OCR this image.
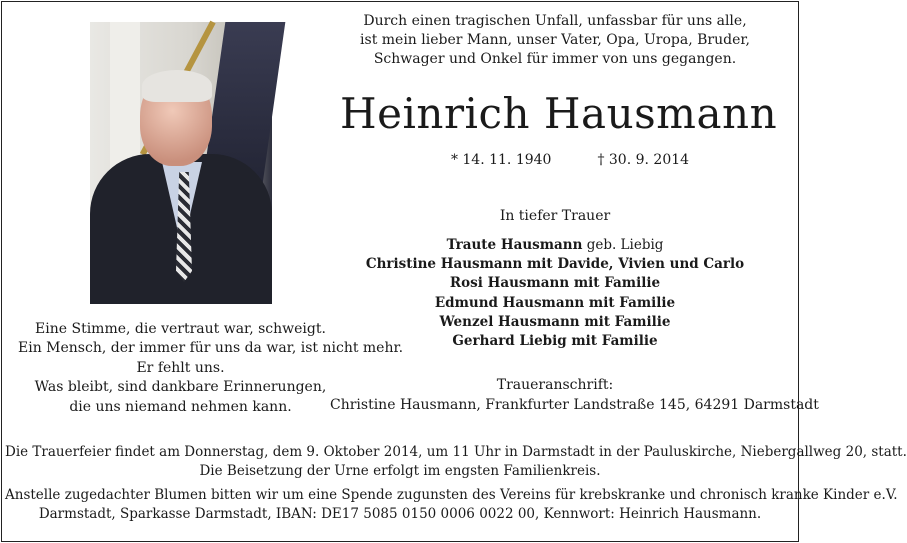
Durch einen tragischen Unfall, unfassbar für uns alle,
ist mein lieber Mann, unser Vater, Opa, Uropa, Bruder,
Schwager und Onkel für immer von uns gegangen.
Heinrich Hausmann
* 14. 11. 1940	† 30. 9. 2014
In tiefer Trauer
Traute Hausmann geb. Liebig
Christine Hausmann mit Davide, Vivien und Carlo
Rosi Hausmann mit Familie
Edmund Hausmann mit Familie
Wenzel Hausmann mit Familie
Gerhard Liebig mit Familie
Eine Stimme, die vertraut war, schweigt.
Ein Mensch, der immer für uns da war, ist nicht mehr.
Er fehlt uns.
Was bleibt, sind dankbare Erinnerungen,
die uns niemand nehmen kann.
Traueranschrift:
Christine Hausmann, Frankfurter Landstraße 145, 64291 Darmstadt
Die Trauerfeier findet am Donnerstag, dem 9. Oktober 2014, um 11 Uhr in Darmstadt in der Pauluskirche, Niebergallweg 20, statt.
Die Beisetzung der Urne erfolgt im engsten Familienkreis.
Anstelle zugedachter Blumen bitten wir um eine Spende zugunsten des Vereins für krebskranke und chronisch kranke Kinder e.V.
Darmstadt, Sparkasse Darmstadt, IBAN: DE17 5085 0150 0006 0022 00, Kennwort: Heinrich Hausmann.
